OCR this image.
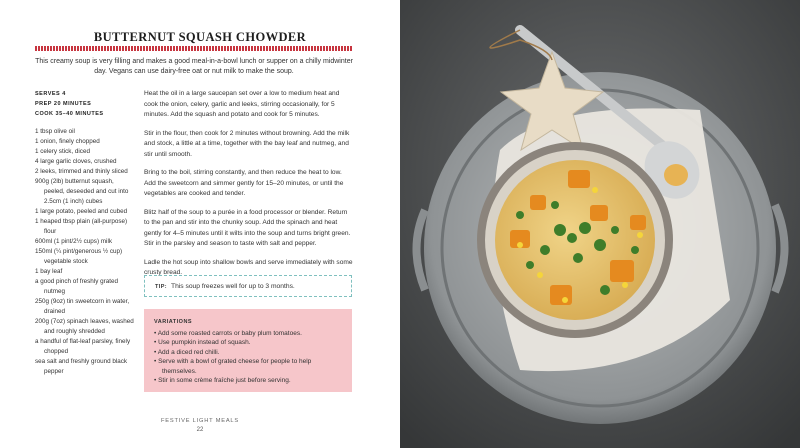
BUTTERNUT SQUASH CHOWDER
This creamy soup is very filling and makes a good meal-in-a-bowl lunch or supper on a chilly midwinter day. Vegans can use dairy-free oat or nut milk to make the soup.
SERVES 4
PREP 20 MINUTES
COOK 35–40 MINUTES
1 tbsp olive oil
1 onion, finely chopped
1 celery stick, diced
4 large garlic cloves, crushed
2 leeks, trimmed and thinly sliced
900g (2lb) butternut squash, peeled, deseeded and cut into 2.5cm (1 inch) cubes
1 large potato, peeled and cubed
1 heaped tbsp plain (all-purpose) flour
600ml (1 pint/2½ cups) milk
150ml (¼ pint/generous ½ cup) vegetable stock
1 bay leaf
a good pinch of freshly grated nutmeg
250g (9oz) tin sweetcorn in water, drained
200g (7oz) spinach leaves, washed and roughly shredded
a handful of flat-leaf parsley, finely chopped
sea salt and freshly ground black pepper

Heat the oil in a large saucepan set over a low to medium heat and cook the onion, celery, garlic and leeks, stirring occasionally, for 5 minutes. Add the squash and potato and cook for 5 minutes.

Stir in the flour, then cook for 2 minutes without browning. Add the milk and stock, a little at a time, together with the bay leaf and nutmeg, and stir until smooth.

Bring to the boil, stirring constantly, and then reduce the heat to low. Add the sweetcorn and simmer gently for 15–20 minutes, or until the vegetables are cooked and tender.

Blitz half of the soup to a purée in a food processor or blender. Return to the pan and stir into the chunky soup. Add the spinach and heat gently for 4–5 minutes until it wilts into the soup and turns bright green. Stir in the parsley and season to taste with salt and pepper.

Ladle the hot soup into shallow bowls and serve immediately with some crusty bread.

TIP: This soup freezes well for up to 3 months.
VARIATIONS
• Add some roasted carrots or baby plum tomatoes.
• Use pumpkin instead of squash.
• Add a diced red chilli.
• Serve with a bowl of grated cheese for people to help themselves.
• Stir in some crème fraîche just before serving.
FESTIVE LIGHT MEALS
22
